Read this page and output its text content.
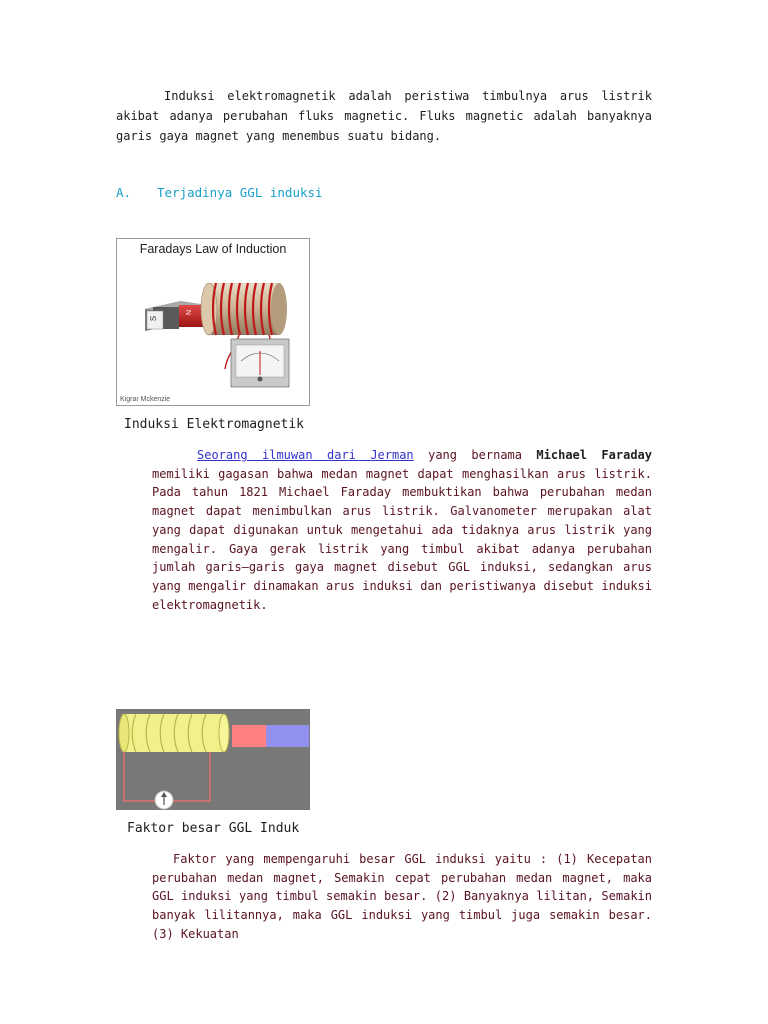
Induksi elektromagnetik adalah peristiwa timbulnya arus listrik akibat adanya perubahan fluks magnetic. Fluks magnetic adalah banyaknya garis gaya magnet yang menembus suatu bidang.
A. Terjadinya GGL induksi
Faradays Law of Induction
Kigrar Mckenzie
S
N
Induksi Elektromagnetik
Seorang ilmuwan dari Jerman yang bernama Michael Faraday memiliki gagasan bahwa medan magnet dapat menghasilkan arus listrik. Pada tahun 1821 Michael Faraday membuktikan bahwa perubahan medan magnet dapat menimbulkan arus listrik. Galvanometer merupakan alat yang dapat digunakan untuk mengetahui ada tidaknya arus listrik yang mengalir. Gaya gerak listrik yang timbul akibat adanya perubahan jumlah garis–garis gaya magnet disebut GGL induksi, sedangkan arus yang mengalir dinamakan arus induksi dan peristiwanya disebut induksi elektromagnetik.
Faktor besar GGL Induk
Faktor yang mempengaruhi besar GGL induksi yaitu : (1) Kecepatan perubahan medan magnet, Semakin cepat perubahan medan magnet, maka GGL induksi yang timbul semakin besar. (2) Banyaknya lilitan, Semakin banyak lilitannya, maka GGL induksi yang timbul juga semakin besar. (3) Kekuatan
